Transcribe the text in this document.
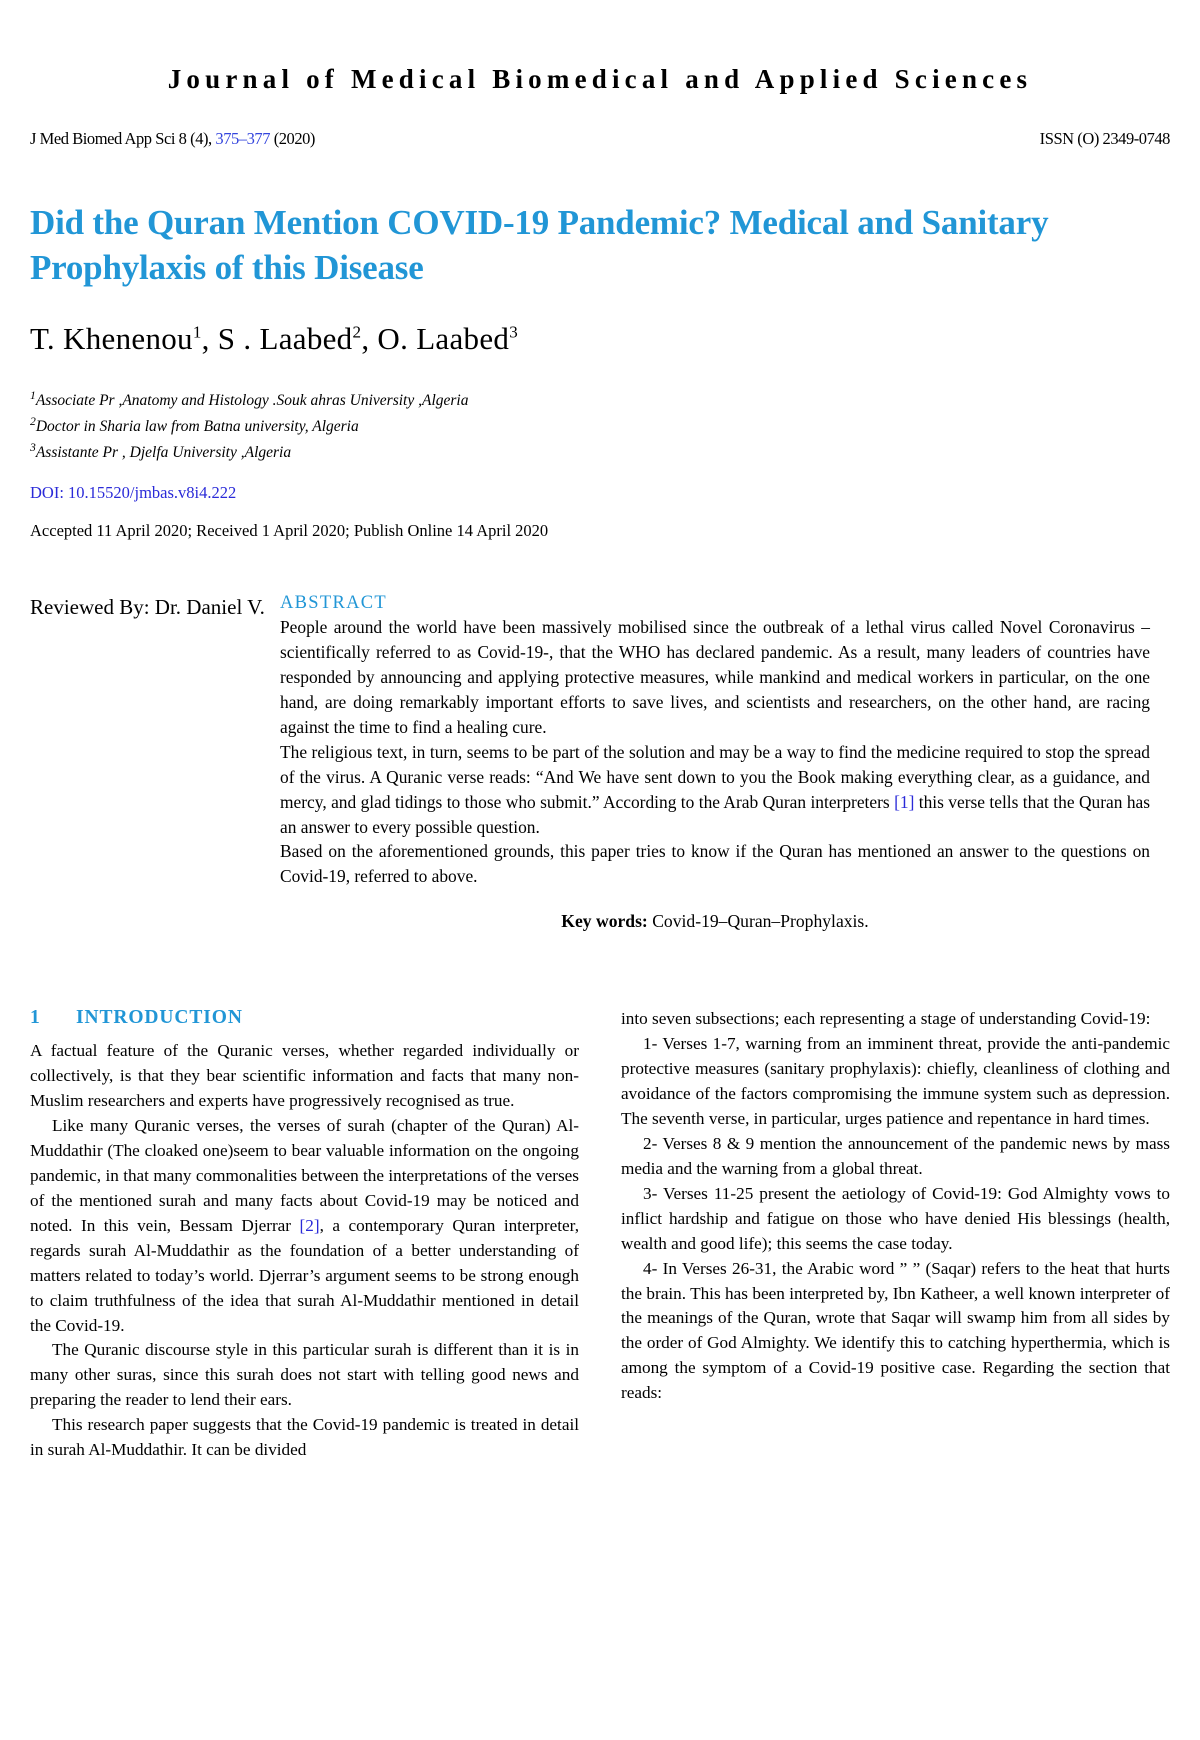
Journal of Medical Biomedical and Applied Sciences
J Med Biomed App Sci 8 (4), 375–377 (2020)	ISSN (O) 2349-0748
Did the Quran Mention COVID-19 Pandemic? Medical and Sanitary Prophylaxis of this Disease
T. Khenenou$^1$, S . Laabed$^2$, O. Laabed$^3$
$^1$Associate Pr ,Anatomy and Histology .Souk ahras University ,Algeria
$^2$Doctor in Sharia law from Batna university, Algeria
$^3$Assistante Pr , Djelfa University ,Algeria
DOI: 10.15520/jmbas.v8i4.222
Accepted 11 April 2020; Received 1 April 2020; Publish Online 14 April 2020
Reviewed By: Dr. Daniel V. ABSTRACT

People around the world have been massively mobilised since the outbreak of a lethal virus called Novel Coronavirus –scientifically referred to as Covid-19-, that the WHO has declared pandemic. As a result, many leaders of countries have responded by announcing and applying protective measures, while mankind and medical workers in particular, on the one hand, are doing remarkably important efforts to save lives, and scientists and researchers, on the other hand, are racing against the time to find a healing cure.

The religious text, in turn, seems to be part of the solution and may be a way to find the medicine required to stop the spread of the virus. A Quranic verse reads: “And We have sent down to you the Book making everything clear, as a guidance, and mercy, and glad tidings to those who submit.” According to the Arab Quran interpreters [1] this verse tells that the Quran has an answer to every possible question.

Based on the aforementioned grounds, this paper tries to know if the Quran has mentioned an answer to the questions on Covid-19, referred to above.

Key words: Covid-19–Quran–Prophylaxis.
1	INTRODUCTION

A factual feature of the Quranic verses, whether regarded individually or collectively, is that they bear scientific information and facts that many non-Muslim researchers and experts have progressively recognised as true.

Like many Quranic verses, the verses of surah (chapter of the Quran) Al-Muddathir (The cloaked one)seem to bear valuable information on the ongoing pandemic, in that many commonalities between the interpretations of the verses of the mentioned surah and many facts about Covid-19 may be noticed and noted. In this vein, Bessam Djerrar [2], a contemporary Quran interpreter, regards surah Al-Muddathir as the foundation of a better understanding of matters related to today’s world. Djerrar’s argument seems to be strong enough to claim truthfulness of the idea that surah Al-Muddathir mentioned in detail the Covid-19.

The Quranic discourse style in this particular surah is different than it is in many other suras, since this surah does not start with telling good news and preparing the reader to lend their ears.

This research paper suggests that the Covid-19 pandemic is treated in detail in surah Al-Muddathir. It can be divided

into seven subsections; each representing a stage of understanding Covid-19:

1- Verses 1-7, warning from an imminent threat, provide the anti-pandemic protective measures (sanitary prophylaxis): chiefly, cleanliness of clothing and avoidance of the factors compromising the immune system such as depression. The seventh verse, in particular, urges patience and repentance in hard times.

2- Verses 8 & 9 mention the announcement of the pandemic news by mass media and the warning from a global threat.

3- Verses 11-25 present the aetiology of Covid-19: God Almighty vows to inflict hardship and fatigue on those who have denied His blessings (health, wealth and good life); this seems the case today.

4- In Verses 26-31, the Arabic word ” ” (Saqar) refers to the heat that hurts the brain. This has been interpreted by, Ibn Katheer, a well known interpreter of the meanings of the Quran, wrote that Saqar will swamp him from all sides by the order of God Almighty. We identify this to catching hyperthermia, which is among the symptom of a Covid-19 positive case. Regarding the section that reads:
